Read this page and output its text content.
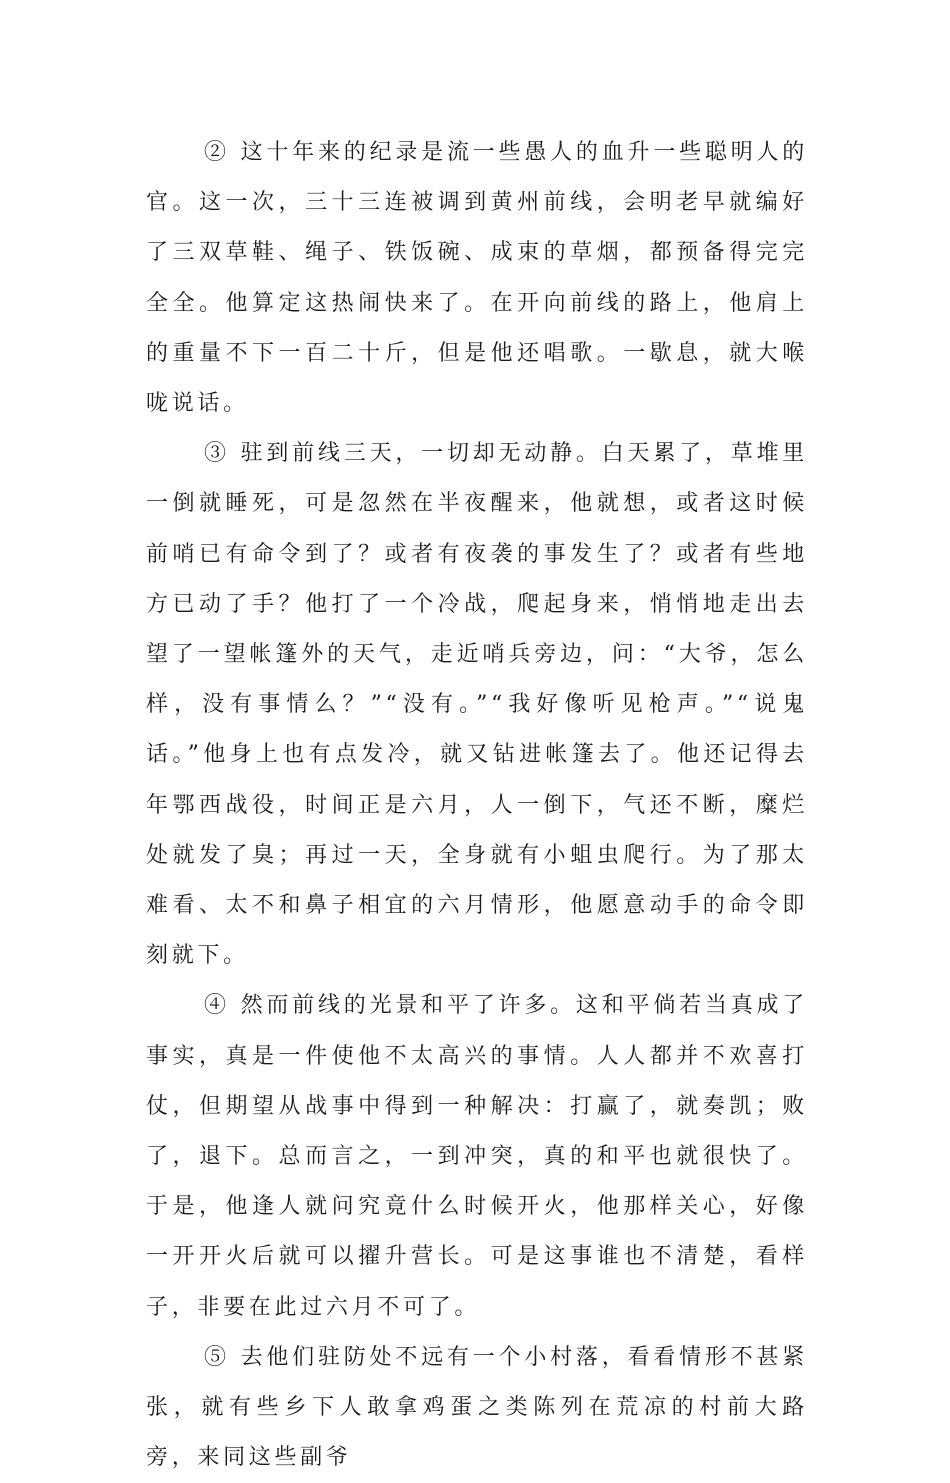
② 这十年来的纪录是流一些愚人的血升一些聪明人的官。这一次，三十三连被调到黄州前线，会明老早就编好了三双草鞋、绳子、铁饭碗、成束的草烟，都预备得完完全全。他算定这热闹快来了。在开向前线的路上，他肩上的重量不下一百二十斤，但是他还唱歌。一歇息，就大喉咙说话。

③ 驻到前线三天，一切却无动静。白天累了，草堆里一倒就睡死，可是忽然在半夜醒来，他就想，或者这时候前哨已有命令到了？或者有夜袭的事发生了？或者有些地方已动了手？他打了一个冷战，爬起身来，悄悄地走出去望了一望帐篷外的天气，走近哨兵旁边，问：“大爷，怎么样，没有事情么？”“没有。”“我好像听见枪声。”“说鬼话。”他身上也有点发冷，就又钻进帐篷去了。他还记得去年鄂西战役，时间正是六月，人一倒下，气还不断，糜烂处就发了臭；再过一天，全身就有小蛆虫爬行。为了那太难看、太不和鼻子相宜的六月情形，他愿意动手的命令即刻就下。

④ 然而前线的光景和平了许多。这和平倘若当真成了事实，真是一件使他不太高兴的事情。人人都并不欢喜打仗，但期望从战事中得到一种解决：打赢了，就奏凯；败了，退下。总而言之，一到冲突，真的和平也就很快了。于是，他逢人就问究竟什么时候开火，他那样关心，好像一开开火后就可以擢升营长。可是这事谁也不清楚，看样子，非要在此过六月不可了。

⑤ 去他们驻防处不远有一个小村落，看看情形不甚紧张，就有些乡下人敢拿鸡蛋之类陈列在荒凉的村前大路旁，来同这些副爷
